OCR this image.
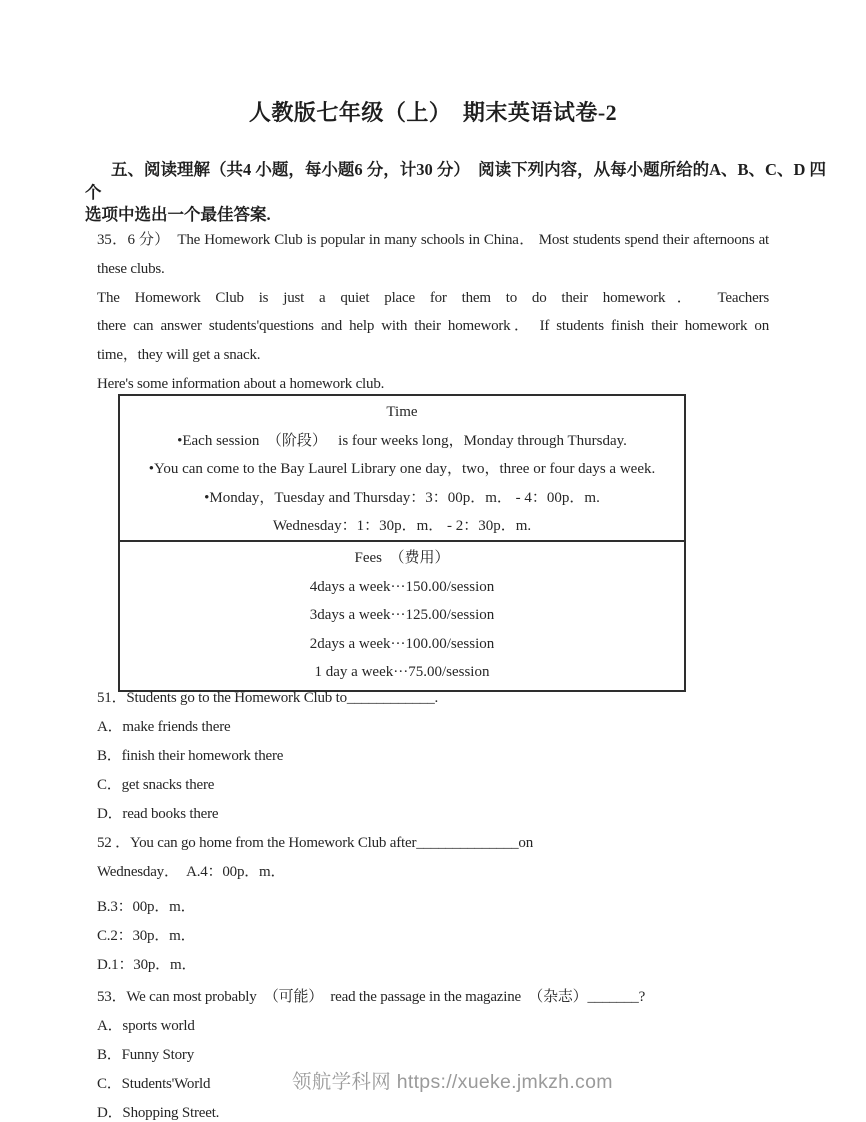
人教版七年级（上）　期末英语试卷-2
五、阅读理解（共4 小题，每小题6 分，计30 分）　阅读下列内容，从每小题所给的A、B、C、D 四
个
选项中选出一个最佳答案.
35．6 分）　The Homework Club is popular in many schools in China． Most students spend their afternoons at
these clubs.
The Homework Club is just a quiet place for them to do their homework． Teachers
there can answer students'questions and help with their homework． If students finish their homework on
time，they will get a snack.
Here's some information about a homework club.
Time
•Each session　（阶段）　 is four weeks long，Monday through Thursday.
•You can come to the Bay Laurel Library one day，two，three or four days a week.
•Monday，Tuesday and Thursday：3：00p．m． - 4：00p．m.
Wednesday：1：30p．m． - 2：30p．m.
Fees　（费用）
4days a week···150.00/session
3days a week···125.00/session
2days a week···100.00/session
1 day a week···75.00/session
51．Students go to the Homework Club to____________.
A．make friends there
B．finish their homework there
C．get snacks there
D．read books there
52 ．You can go home from the Homework Club after______________on
Wednesday．　A.4：00p．m．
B.3：00p．m．
C.2：30p．m．
D.1：30p．m．
53．We can most probably　（可能）　read the passage in the magazine　（杂志）_______?
A．sports world
B．Funny Story
C．Students'World
D．Shopping Street.
领航学科网 https://xueke.jmkzh.com
